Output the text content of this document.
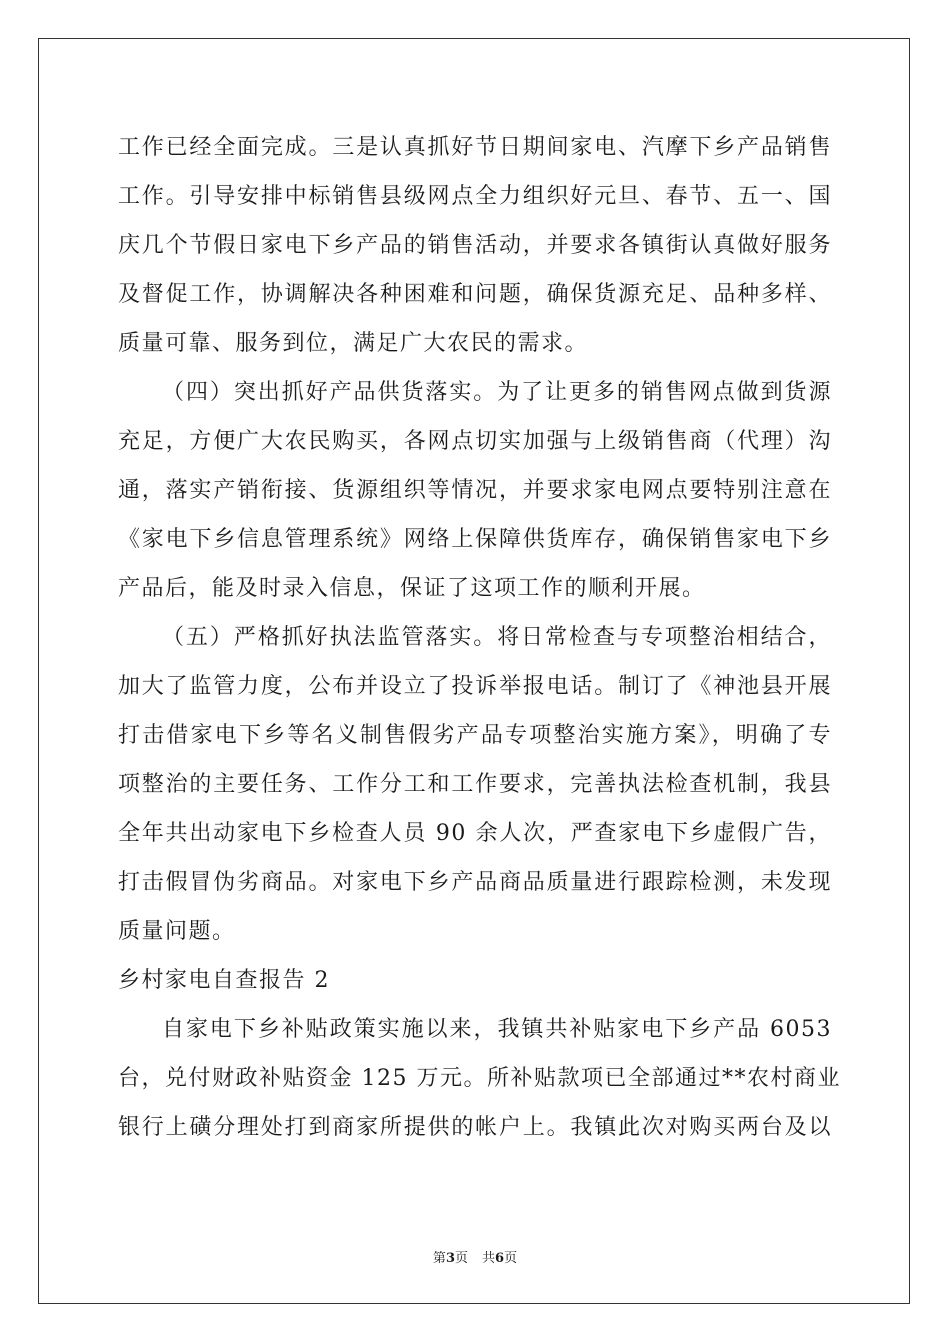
工作已经全面完成。三是认真抓好节日期间家电、汽摩下乡产品销售
工作。引导安排中标销售县级网点全力组织好元旦、春节、五一、国
庆几个节假日家电下乡产品的销售活动，并要求各镇街认真做好服务
及督促工作，协调解决各种困难和问题，确保货源充足、品种多样、
质量可靠、服务到位，满足广大农民的需求。
（四）突出抓好产品供货落实。为了让更多的销售网点做到货源
充足，方便广大农民购买，各网点切实加强与上级销售商（代理）沟
通，落实产销衔接、货源组织等情况，并要求家电网点要特别注意在
《家电下乡信息管理系统》网络上保障供货库存，确保销售家电下乡
产品后，能及时录入信息，保证了这项工作的顺利开展。
（五）严格抓好执法监管落实。将日常检查与专项整治相结合，
加大了监管力度，公布并设立了投诉举报电话。制订了《神池县开展
打击借家电下乡等名义制售假劣产品专项整治实施方案》，明确了专
项整治的主要任务、工作分工和工作要求，完善执法检查机制，我县
全年共出动家电下乡检查人员 90 余人次，严查家电下乡虚假广告，
打击假冒伪劣商品。对家电下乡产品商品质量进行跟踪检测，未发现
质量问题。
乡村家电自查报告 2
自家电下乡补贴政策实施以来，我镇共补贴家电下乡产品 6053
台，兑付财政补贴资金 125 万元。所补贴款项已全部通过**农村商业
银行上磺分理处打到商家所提供的帐户上。我镇此次对购买两台及以
第3页 共6页
